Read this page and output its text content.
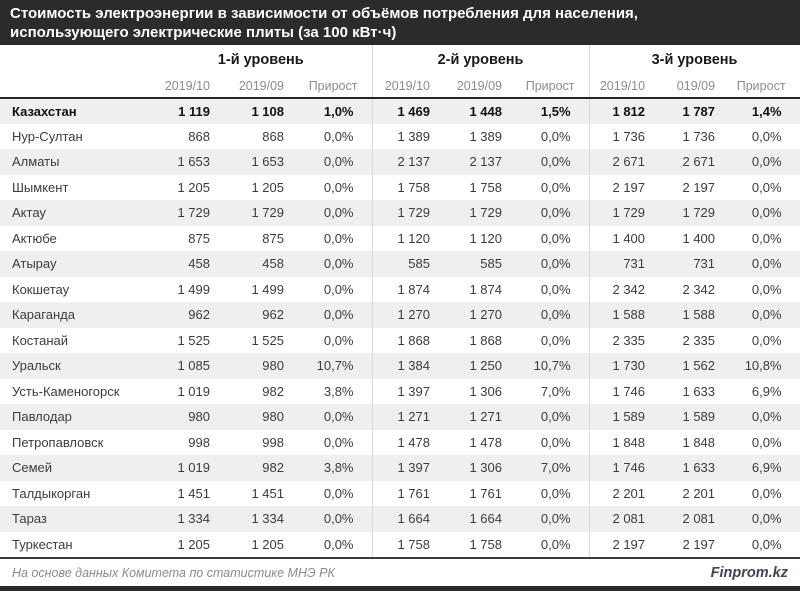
Стоимость электроэнергии в зависимости от объёмов потребления для населения,
использующего электрические плиты (за 100 кВт·ч)
	1-й уровень			2-й уровень			3-й уровень		
	2019/10	2019/09	Прирост	2019/10	2019/09	Прирост	2019/10	019/09	Прирост
Казахстан	1 119	1 108	1,0%	1 469	1 448	1,5%	1 812	1 787	1,4%
Нур-Султан	868	868	0,0%	1 389	1 389	0,0%	1 736	1 736	0,0%
Алматы	1 653	1 653	0,0%	2 137	2 137	0,0%	2 671	2 671	0,0%
Шымкент	1 205	1 205	0,0%	1 758	1 758	0,0%	2 197	2 197	0,0%
Актау	1 729	1 729	0,0%	1 729	1 729	0,0%	1 729	1 729	0,0%
Актюбе	875	875	0,0%	1 120	1 120	0,0%	1 400	1 400	0,0%
Атырау	458	458	0,0%	585	585	0,0%	731	731	0,0%
Кокшетау	1 499	1 499	0,0%	1 874	1 874	0,0%	2 342	2 342	0,0%
Караганда	962	962	0,0%	1 270	1 270	0,0%	1 588	1 588	0,0%
Костанай	1 525	1 525	0,0%	1 868	1 868	0,0%	2 335	2 335	0,0%
Уральск	1 085	980	10,7%	1 384	1 250	10,7%	1 730	1 562	10,8%
Усть-Каменогорск	1 019	982	3,8%	1 397	1 306	7,0%	1 746	1 633	6,9%
Павлодар	980	980	0,0%	1 271	1 271	0,0%	1 589	1 589	0,0%
Петропавловск	998	998	0,0%	1 478	1 478	0,0%	1 848	1 848	0,0%
Семей	1 019	982	3,8%	1 397	1 306	7,0%	1 746	1 633	6,9%
Талдыкорган	1 451	1 451	0,0%	1 761	1 761	0,0%	2 201	2 201	0,0%
Тараз	1 334	1 334	0,0%	1 664	1 664	0,0%	2 081	2 081	0,0%
Туркестан	1 205	1 205	0,0%	1 758	1 758	0,0%	2 197	2 197	0,0%
На основе данных Комитета по статистике МНЭ РК	Finprom.kz
